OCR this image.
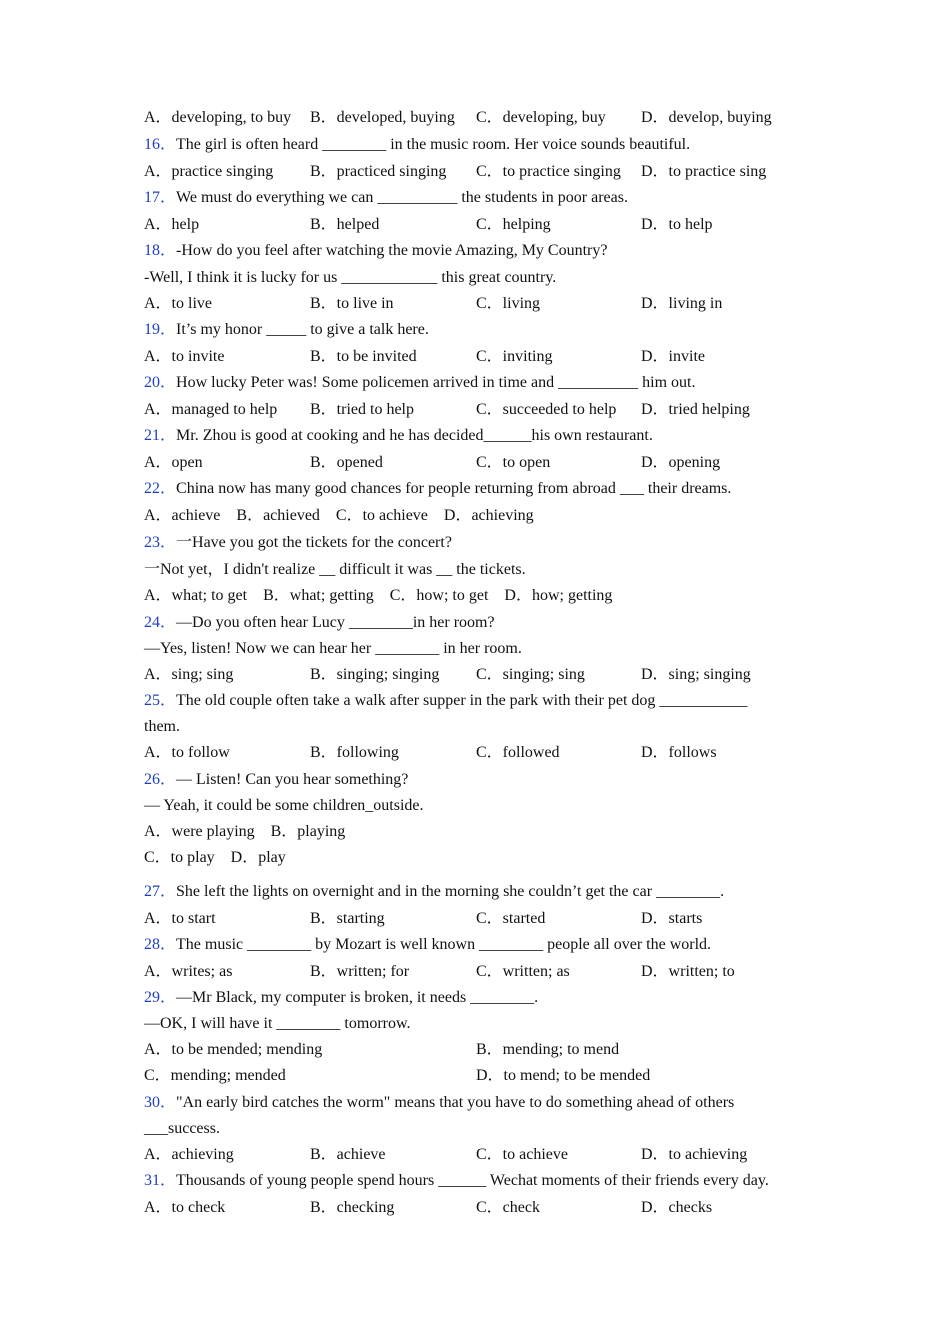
A．developing, to buy B．developed, buying C．developing, buy D．develop, buying
16．The girl is often heard ________ in the music room. Her voice sounds beautiful.
A．practice singing B．practiced singing C．to practice singing D．to practice sing
17．We must do everything we can __________ the students in poor areas.
A．help	B．helped	C．helping	D．to help
18．-How do you feel after watching the movie Amazing, My Country?
-Well, I think it is lucky for us ____________ this great country.
A．to live	B．to live in	C．living	D．living in
19．It’s my honor _____ to give a talk here.
A．to invite	B．to be invited	C．inviting	D．invite
20．How lucky Peter was! Some policemen arrived in time and __________ him out.
A．managed to help B．tried to help	C．succeeded to help D．tried helping
21．Mr. Zhou is good at cooking and he has decided______his own restaurant.
A．open	B．opened	C．to open	D．opening
22．China now has many good chances for people returning from abroad ___ their dreams.
A．achieve    B．achieved    C．to achieve    D．achieving
23．一Have you got the tickets for the concert?
一Not yet，I didn't realize __ difficult it was __ the tickets.
A．what; to get    B．what; getting    C．how; to get    D．how; getting
24．—Do you often hear Lucy ________in her room?
—Yes, listen! Now we can hear her ________ in her room.
A．sing; sing	B．singing; singing C．singing; sing	D．sing; singing
25．The old couple often take a walk after supper in the park with their pet dog ___________
them.
A．to follow	B．following	C．followed	D．follows
26．— Listen! Can you hear something?
— Yeah, it could be some children_outside.
A．were playing    B．playing
C．to play    D．play
27．She left the lights on overnight and in the morning she couldn’t get the car ________.
A．to start	B．starting	C．started	D．starts
28．The music ________ by Mozart is well known ________ people all over the world.
A．writes; as	B．written; for	C．written; as	D．written; to
29．—Mr Black, my computer is broken, it needs ________.
—OK, I will have it ________ tomorrow.
A．to be mended; mending	B．mending; to mend
C．mending; mended	D．to mend; to be mended
30．"An early bird catches the worm" means that you have to do something ahead of others
___success.
A．achieving	B．achieve	C．to achieve	D．to achieving
31．Thousands of young people spend hours ______ Wechat moments of their friends every day.
A．to check	B．checking	C．check	D．checks
